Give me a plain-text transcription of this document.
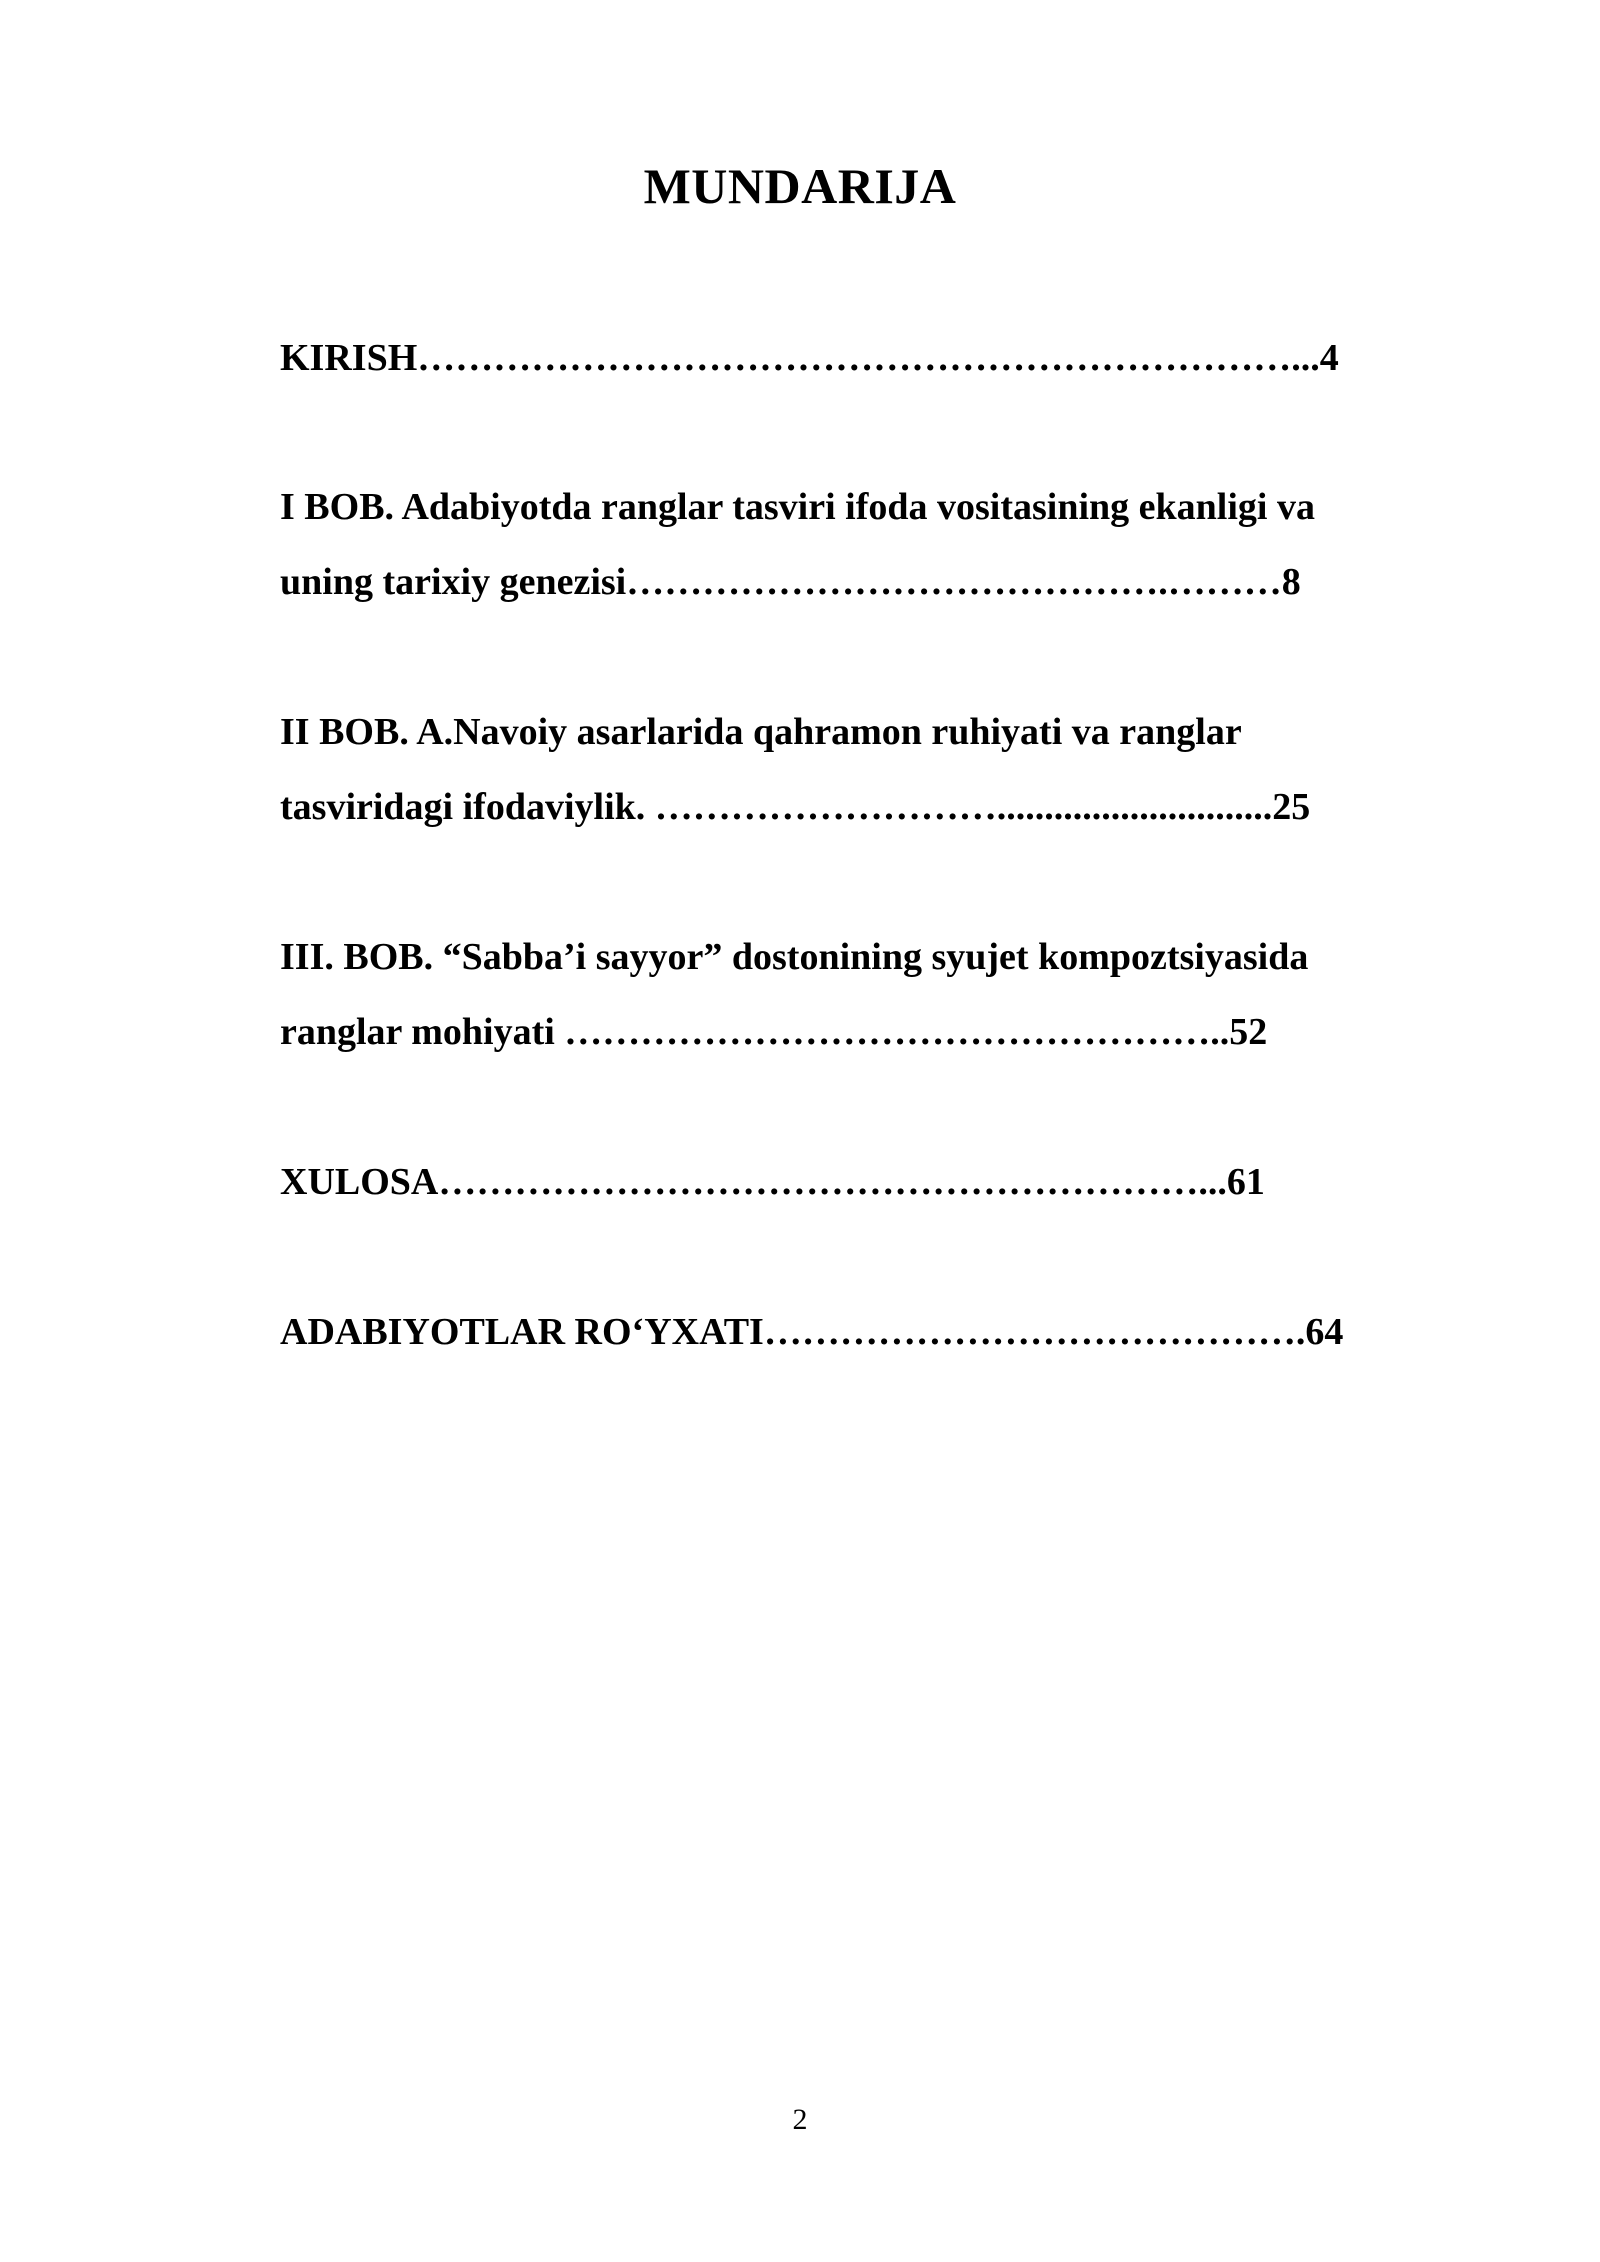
MUNDARIJA
KIRISH……………………………………………………………...4
I BOB. Adabiyotda ranglar tasviri ifoda vositasining ekanligi va
uning tarixiy genezisi…………………………………….………8
II BOB. A.Navoiy asarlarida qahramon ruhiyati va ranglar
tasviridagi ifodaviylik. ……………………….............................25
III. BOB. “Sabba’i sayyor” dostonining syujet kompoztsiyasida
ranglar mohiyati ……………………………………………..52
XULOSA……………………………………………………...61
ADABIYOTLAR RO‘YXATI…………………………………….64
2
